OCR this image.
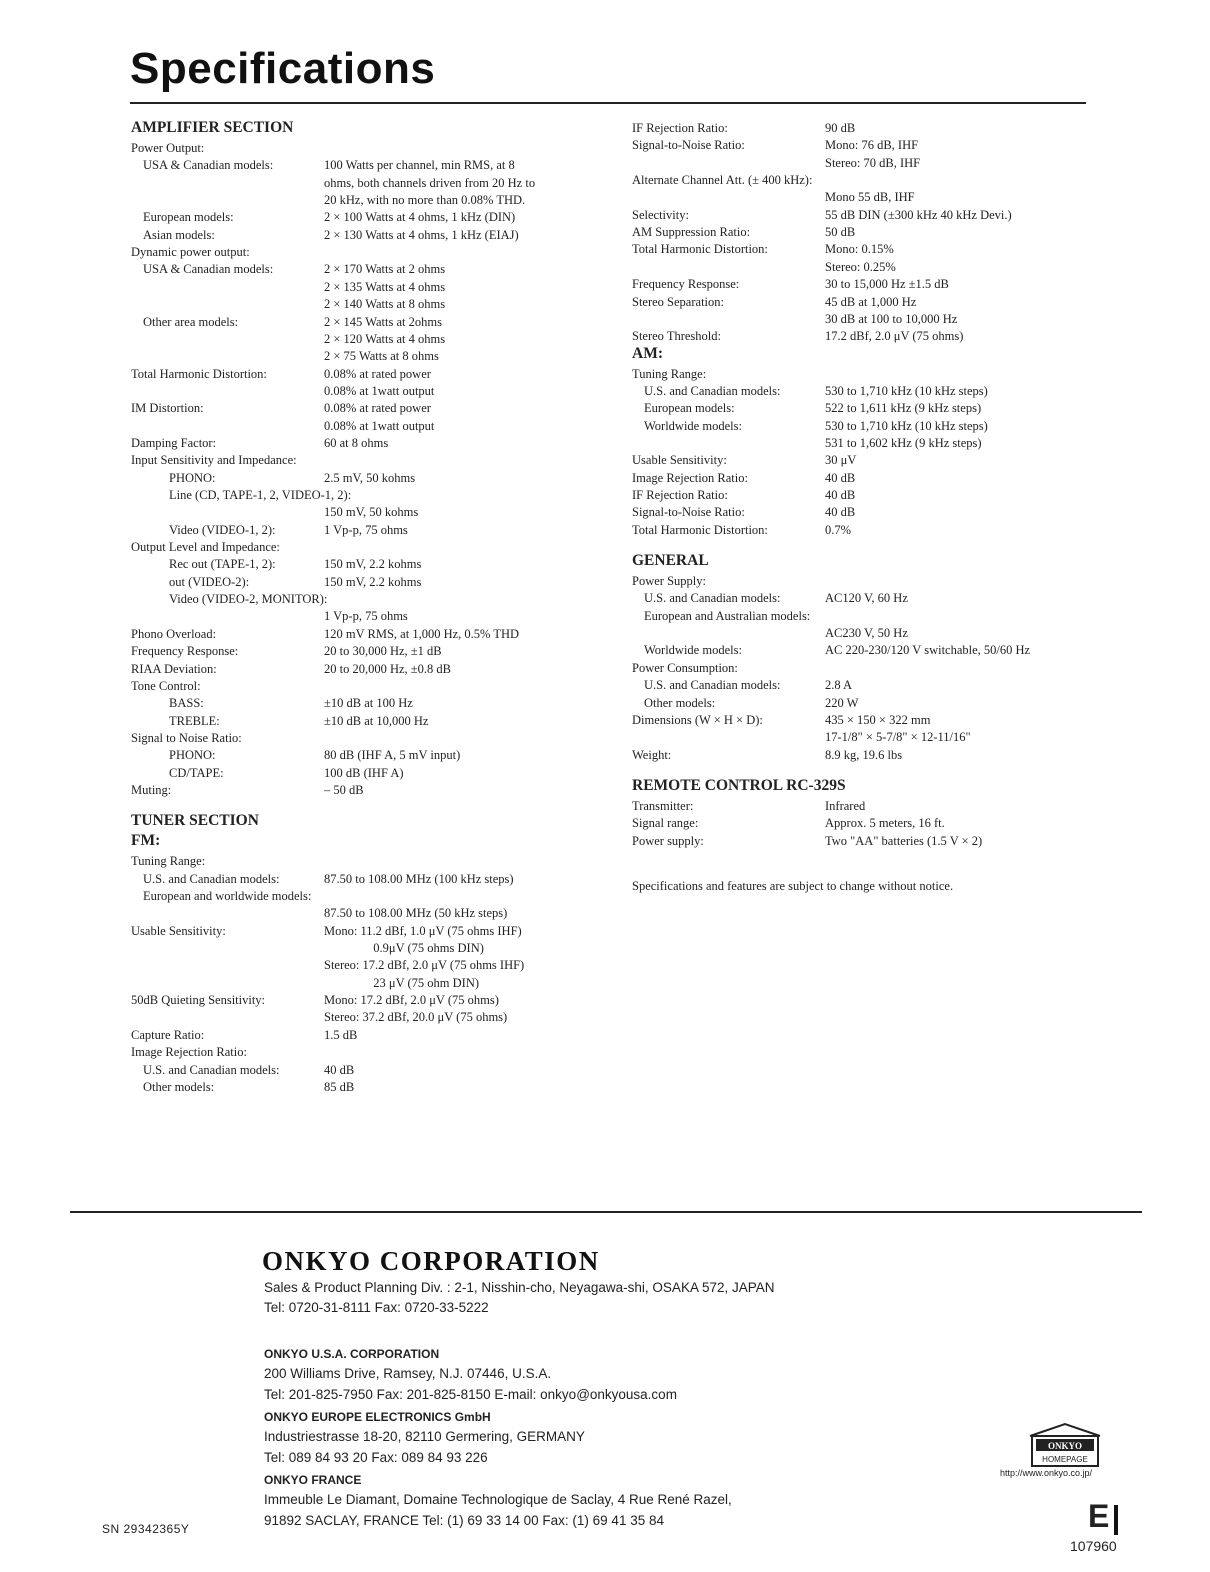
Specifications
AMPLIFIER SECTION
Power Output:
USA & Canadian models:	100 Watts per channel, min RMS, at 8
ohms, both channels driven from 20 Hz to
20 kHz, with no more than 0.08% THD.
European models:	2 × 100 Watts at 4 ohms, 1 kHz (DIN)
Asian models:	2 × 130 Watts at 4 ohms, 1 kHz (EIAJ)
Dynamic power output:
USA & Canadian models:	2 × 170 Watts at 2 ohms
2 × 135 Watts at 4 ohms
2 × 140 Watts at 8 ohms
Other area models:	2 × 145 Watts at 2ohms
2 × 120 Watts at 4 ohms
2 × 75 Watts at 8 ohms
Total Harmonic Distortion:	0.08% at rated power
0.08% at 1watt output
IM Distortion:	0.08% at rated power
0.08% at 1watt output
Damping Factor:	60 at 8 ohms
Input Sensitivity and Impedance:
PHONO:	2.5 mV, 50 kohms
Line (CD, TAPE-1, 2, VIDEO-1, 2):
150 mV, 50 kohms
Video (VIDEO-1, 2):	1 Vp-p, 75 ohms
Output Level and Impedance:
Rec out (TAPE-1, 2):	150 mV, 2.2 kohms
out (VIDEO-2):	150 mV, 2.2 kohms
Video (VIDEO-2, MONITOR):
1 Vp-p, 75 ohms
Phono Overload:	120 mV RMS, at 1,000 Hz, 0.5% THD
Frequency Response:	20 to 30,000 Hz, ±1 dB
RIAA Deviation:	20 to 20,000 Hz, ±0.8 dB
Tone Control:
BASS:	±10 dB at 100 Hz
TREBLE:	±10 dB at 10,000 Hz
Signal to Noise Ratio:
PHONO:	80 dB (IHF A, 5 mV input)
CD/TAPE:	100 dB (IHF A)
Muting:	– 50 dB
TUNER SECTION
FM:
Tuning Range:
U.S. and Canadian models:	87.50 to 108.00 MHz (100 kHz steps)
European and worldwide models:
87.50 to 108.00 MHz (50 kHz steps)
Usable Sensitivity:	Mono: 11.2 dBf, 1.0 μV (75 ohms IHF)
0.9μV (75 ohms DIN)
Stereo: 17.2 dBf, 2.0 μV (75 ohms IHF)
23 μV (75 ohm DIN)
50dB Quieting Sensitivity:	Mono: 17.2 dBf, 2.0 μV (75 ohms)
Stereo: 37.2 dBf, 20.0 μV (75 ohms)
Capture Ratio:	1.5 dB
Image Rejection Ratio:
U.S. and Canadian models:	40 dB
Other models:	85 dB
IF Rejection Ratio:	90 dB
Signal-to-Noise Ratio:	Mono: 76 dB, IHF
Stereo: 70 dB, IHF
Alternate Channel Att. (± 400 kHz):
Mono 55 dB, IHF
Selectivity:	55 dB DIN (±300 kHz 40 kHz Devi.)
AM Suppression Ratio:	50 dB
Total Harmonic Distortion:	Mono: 0.15%
Stereo: 0.25%
Frequency Response:	30 to 15,000 Hz ±1.5 dB
Stereo Separation:	45 dB at 1,000 Hz
30 dB at 100 to 10,000 Hz
Stereo Threshold:	17.2 dBf, 2.0 μV (75 ohms)
AM:
Tuning Range:
U.S. and Canadian models:	530 to 1,710 kHz (10 kHz steps)
European models:	522 to 1,611 kHz (9 kHz steps)
Worldwide models:	530 to 1,710 kHz (10 kHz steps)
531 to 1,602 kHz (9 kHz steps)
Usable Sensitivity:	30 μV
Image Rejection Ratio:	40 dB
IF Rejection Ratio:	40 dB
Signal-to-Noise Ratio:	40 dB
Total Harmonic Distortion:	0.7%
GENERAL
Power Supply:
U.S. and Canadian models:	AC120 V, 60 Hz
European and Australian models:
AC230 V, 50 Hz
Worldwide models:	AC 220-230/120 V switchable, 50/60 Hz
Power Consumption:
U.S. and Canadian models:	2.8 A
Other models:	220 W
Dimensions (W × H × D):	435 × 150 × 322 mm
17-1/8" × 5-7/8" × 12-11/16"
Weight:	8.9 kg, 19.6 lbs
REMOTE CONTROL RC-329S
Transmitter:	Infrared
Signal range:	Approx. 5 meters, 16 ft.
Power supply:	Two "AA" batteries (1.5 V × 2)
Specifications and features are subject to change without notice.
ONKYO CORPORATION
Sales & Product Planning Div. : 2-1, Nisshin-cho, Neyagawa-shi, OSAKA 572, JAPAN
Tel: 0720-31-8111 Fax: 0720-33-5222
ONKYO U.S.A. CORPORATION
200 Williams Drive, Ramsey, N.J. 07446, U.S.A.
Tel: 201-825-7950 Fax: 201-825-8150 E-mail: onkyo@onkyousa.com
ONKYO EUROPE ELECTRONICS GmbH
Industriestrasse 18-20, 82110 Germering, GERMANY
Tel: 089 84 93 20 Fax: 089 84 93 226
ONKYO FRANCE
Immeuble Le Diamant, Domaine Technologique de Saclay, 4 Rue René Razel,
91892 SACLAY, FRANCE Tel: (1) 69 33 14 00 Fax: (1) 69 41 35 84
ONKYO
HOMEPAGE
http://www.onkyo.co.jp/
SN 29342365Y	E
107960
